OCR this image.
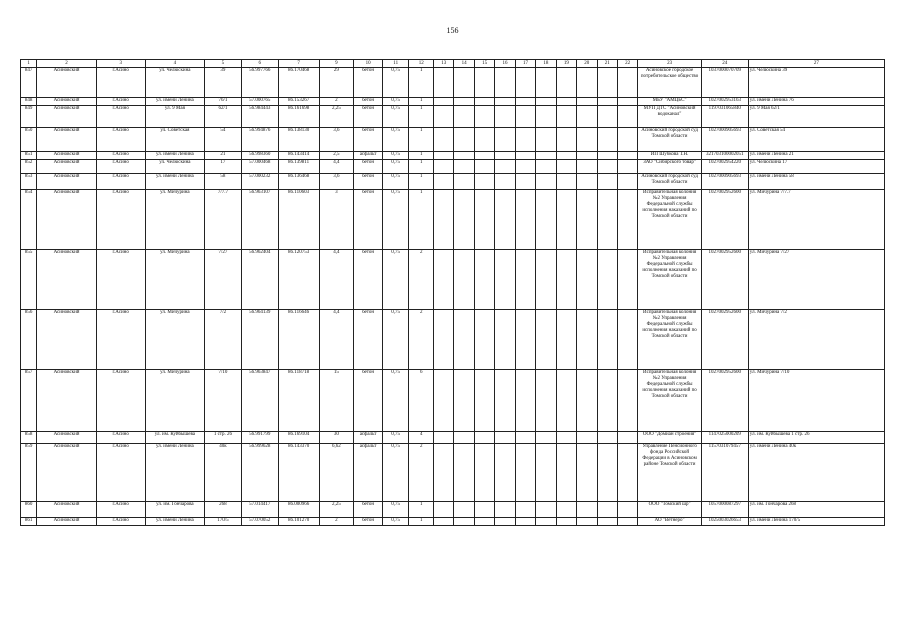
156
1	2	3	4	5	6	7	9	10	11	12	13	14	15	16	17	18	19	20	21	22	23	24	27
847	Асиновский	г.Асино	ул. Челюскина	39	56.997766	86.170468	29	бетон	0,75	1											Асиновское городское потребительское общество	1037000070709	ул. Челюскина 39
848	Асиновский	г.Асино	ул. имени Ленина	76/1	57.000765	86.153267	2	бетон	0,75	1											МБУ "АМЦБС"	1027002953163	ул. имени Ленина 76
849	Асиновский	г.Асино	ул. 9 Мая	62/1	56.984443	86.161698	2,25	бетон	0,75	1											МУП ДТС "Асиновский водоканал"	1197031065840	ул. 9 Мая 62/1
850	Асиновский	г.Асино	ул. Советская	54	56.994876	86.138130	3,6	бетон	0,75	1											Асиновский городской суд Томской области	1027000905693	ул. Советская 54
851	Асиновский	г.Асино	ул. имени Ленина	21	56.998360	86.143414	2,5	асфальт	0,75	1											ИП Шубкова Т.Н.	321703100002051	ул. имени Ленина 21
852	Асиновский	г.Асино	ул. Челюскина	17	57.000468	86.139811	4,4	бетон	0,75	1											ЗАО "Сибирского товар"	1027002954220	ул. Челюскина 17
853	Асиновский	г.Асино	ул. имени Ленина	58	57.000232	86.136468	3,6	бетон	0,75	1											Асиновский городской суд Томской области	1027000905693	ул. имени Ленина 58
854	Асиновский	г.Асино	ул. Мичурина	7/7.7	56.963107	86.110603	3	бетон	0,75	1											Исправительная колония №2 Управления Федеральной службы исполнения наказаний по Томской области	1027002952600	ул. Мичурина 7/7.7
855	Асиновский	г.Асино	ул. Мичурина	7/27	56.962404	86.120753	4,4	бетон	0,75	2											Исправительная колония №2 Управления Федеральной службы исполнения наказаний по Томской области	1027002952600	ул. Мичурина 7/27
856	Асиновский	г.Асино	ул. Мичурина	7/2	56.964139	86.116646	4,4	бетон	0,75	2											Исправительная колония №2 Управления Федеральной службы исполнения наказаний по Томской области	1027002952600	ул. Мичурина 7/2
857	Асиновский	г.Асино	ул. Мичурина	7/10	56.963847	86.118718	15	бетон	0,75	6											Исправительная колония №2 Управления Федеральной службы исполнения наказаний по Томской области	1027002952600	ул. Мичурина 7/10
858	Асиновский	г.Асино	ул. им. Куйбышева	1 стр. 26	56.991799	86.169104	30	асфальт	0,75	4											ООО "Домиан строения"	1147025000209	ул. им. Куйбышева 1 стр. 26
859	Асиновский	г.Асино	ул. имени Ленина	40к	56.999628	86.143370	6,62	асфальт	0,75	2											Управление Пенсионного фонда Российской Федерации в Асиновском районе Томской области	1157031079457	ул. имени Ленина 40к
860	Асиновский	г.Асино	ул. им. Гончарова	268	57.014417	86.000966	2,25	бетон	0,75	1											ООО "Томский шр"	1057000087297	ул. им. Гончарова 268
861	Асиновский	г.Асино	ул. имени Ленина	170/5	57.070052	86.101270	2	бетон	0,75	1											АО "Ветнеро"	1025003026653	ул. имени Ленина 170/5
